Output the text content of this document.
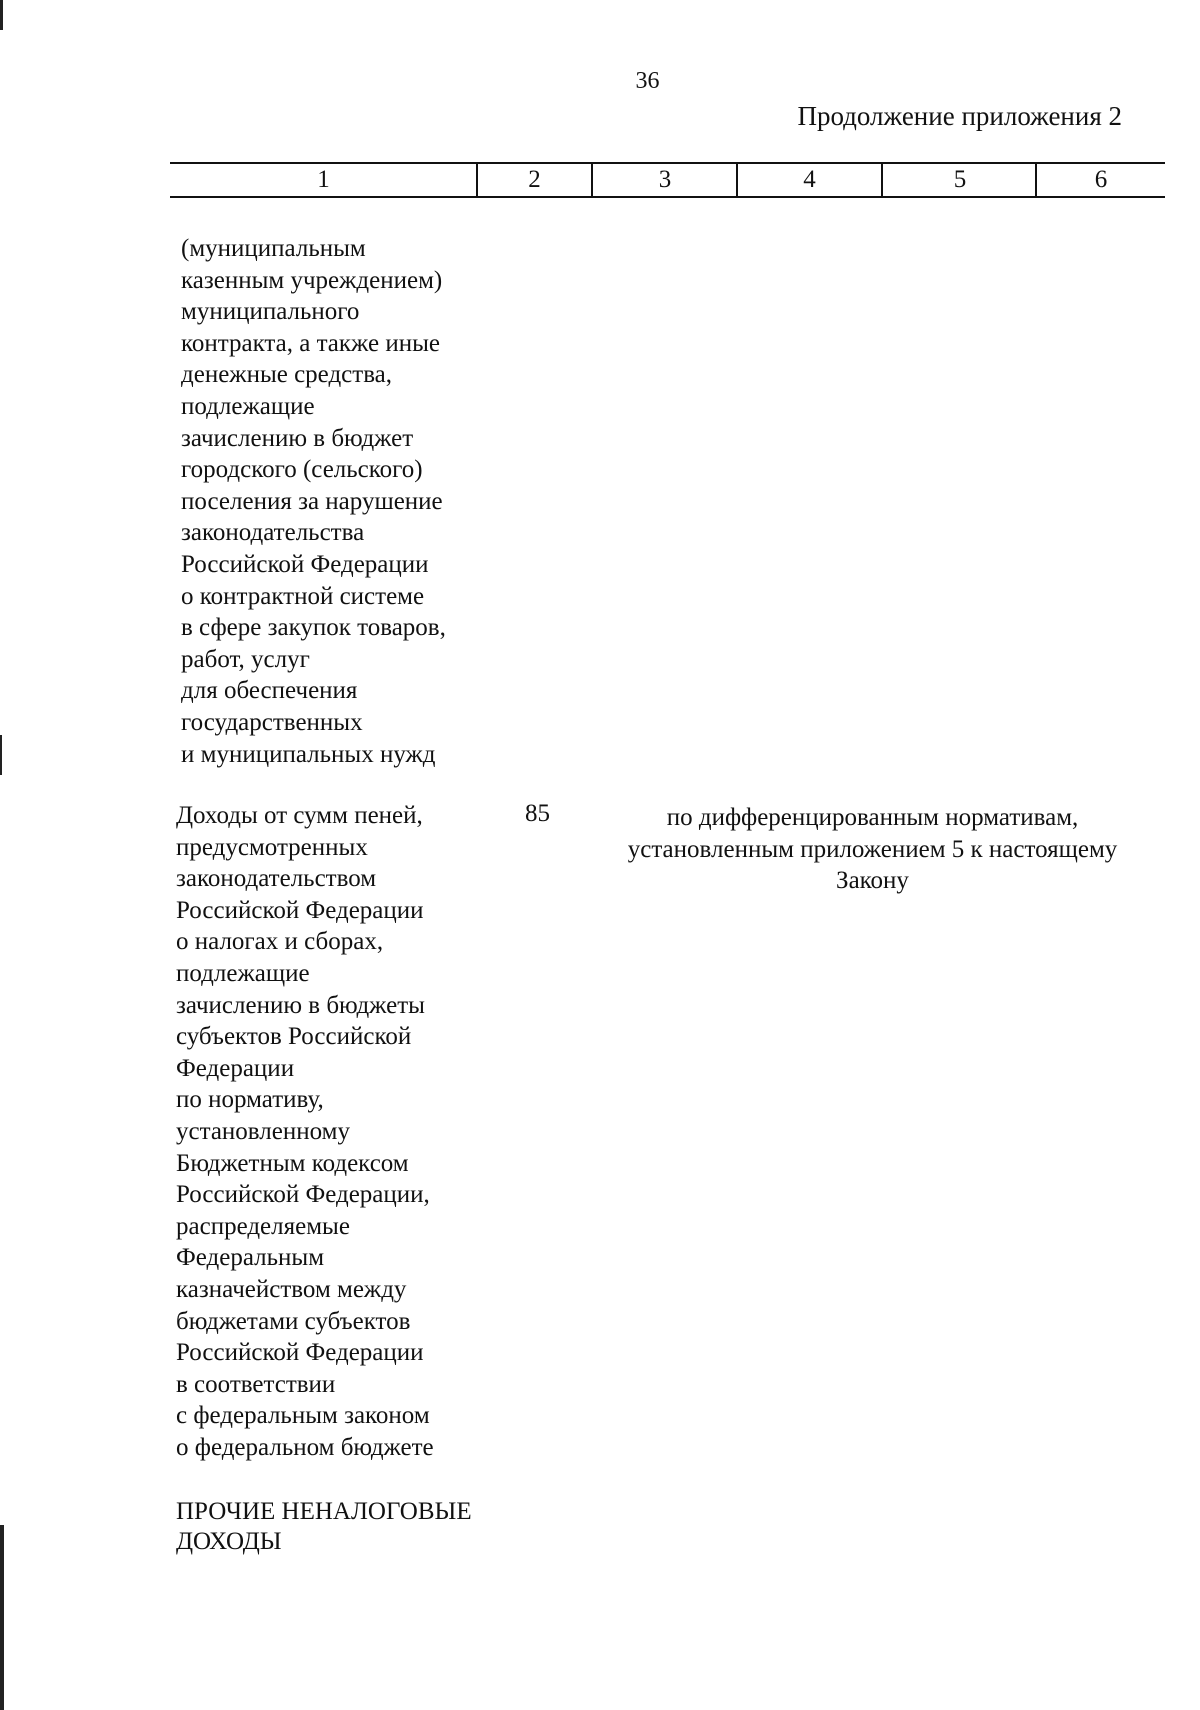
36
Продолжение приложения 2
1	2	3	4	5	6
(муниципальным
казенным учреждением)
муниципального
контракта, а также иные
денежные средства,
подлежащие
зачислению в бюджет
городского (сельского)
поселения за нарушение
законодательства
Российской Федерации
о контрактной системе
в сфере закупок товаров,
работ, услуг
для обеспечения
государственных
и муниципальных нужд
Доходы от сумм пеней,
предусмотренных
законодательством
Российской Федерации
о налогах и сборах,
подлежащие
зачислению в бюджеты
субъектов Российской
Федерации
по нормативу,
установленному
Бюджетным кодексом
Российской Федерации,
распределяемые
Федеральным
казначейством между
бюджетами субъектов
Российской Федерации
в соответствии
с федеральным законом
о федеральном бюджете
85	по дифференцированным нормативам,
установленным приложением 5 к настоящему
Закону
ПРОЧИЕ НЕНАЛОГОВЫЕ
ДОХОДЫ
